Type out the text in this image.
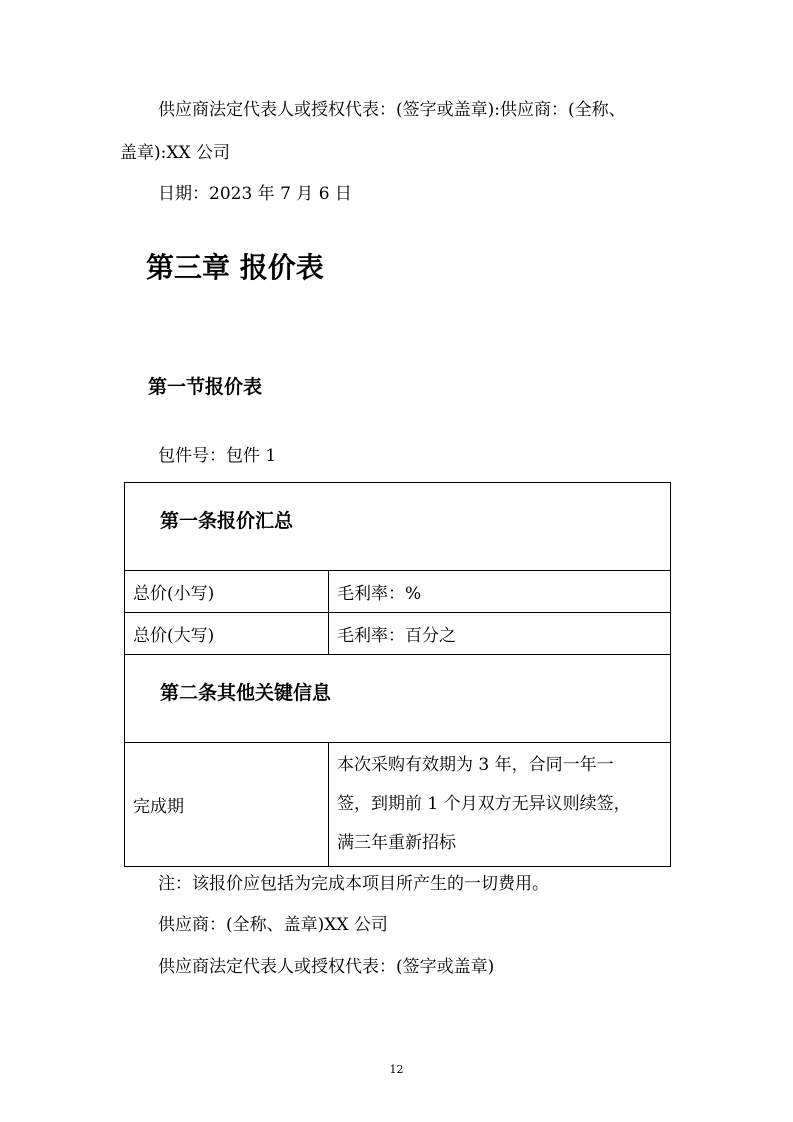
供应商法定代表人或授权代表：(签字或盖章):供应商：(全称、
盖章):XX 公司
日期：2023 年 7 月 6 日
第三章 报价表
第一节报价表
包件号：包件 1
第一条报价汇总	

总价(小写)	毛利率：%
总价(大写)	毛利率：百分之

第二条其他关键信息	

完成期	本次采购有效期为 3 年，合同一年一
签，到期前 1 个月双方无异议则续签，
满三年重新招标
注：该报价应包括为完成本项目所产生的一切费用。
供应商：(全称、盖章)XX 公司
供应商法定代表人或授权代表：(签字或盖章)
12
